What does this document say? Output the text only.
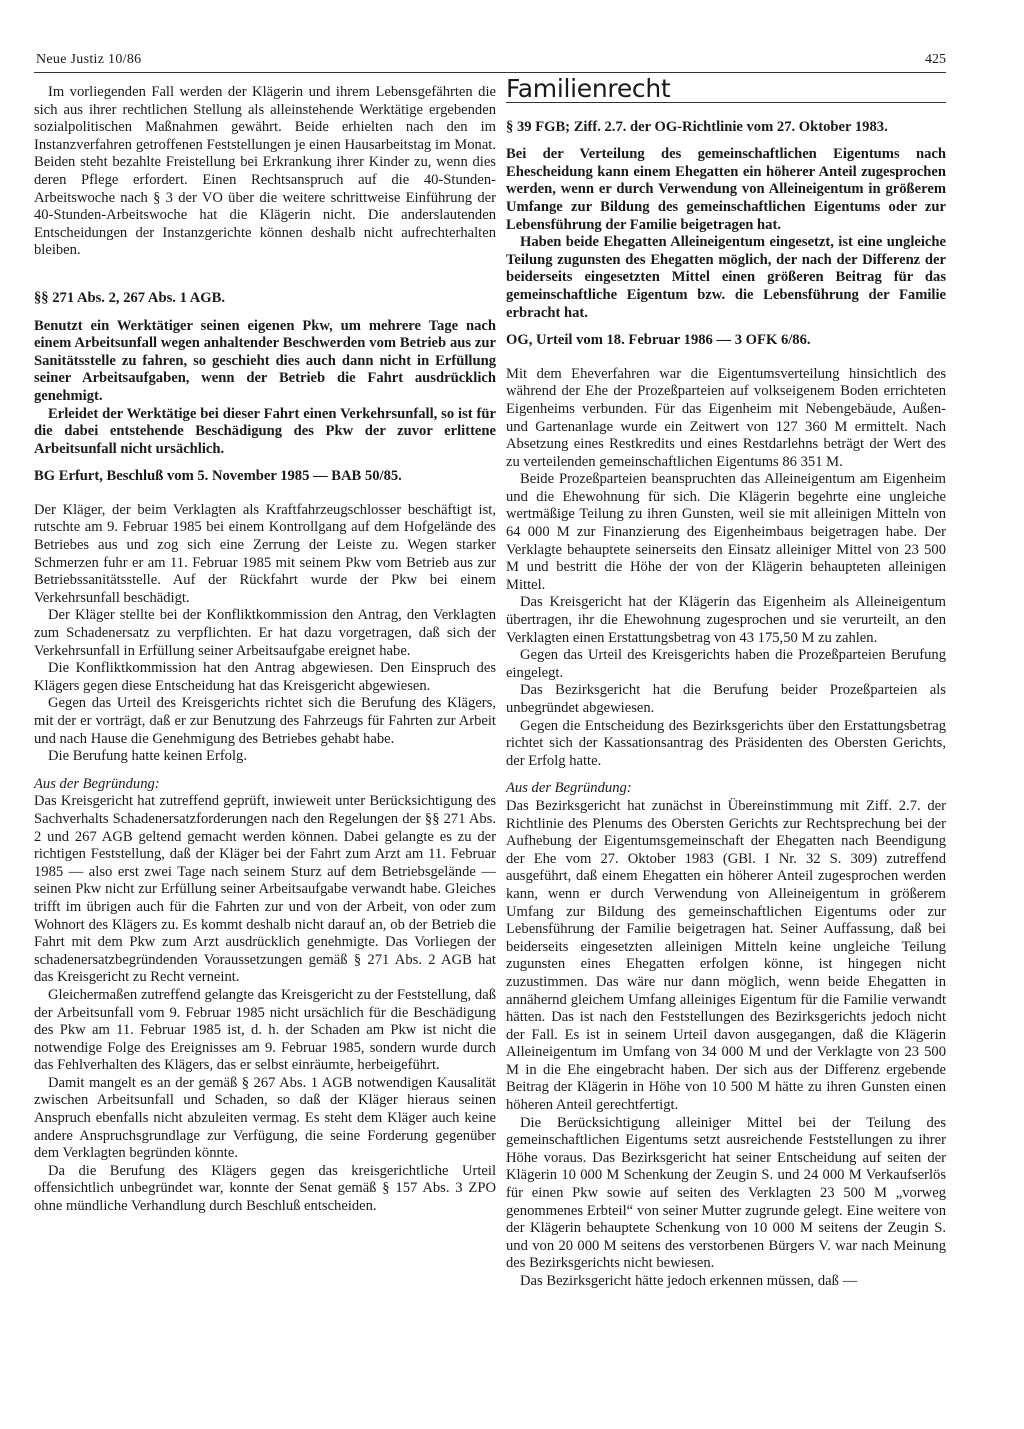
Neue Justiz 10/86	425

Im vorliegenden Fall werden der Klägerin und ihrem Lebensgefährten die sich aus ihrer rechtlichen Stellung als alleinstehende Werktätige ergebenden sozialpolitischen Maßnahmen gewährt. Beide erhielten nach den im Instanzverfahren getroffenen Feststellungen je einen Hausarbeitstag im Monat. Beiden steht bezahlte Freistellung bei Erkrankung ihrer Kinder zu, wenn dies deren Pflege erfordert. Einen Rechtsanspruch auf die 40-Stunden-Arbeitswoche nach § 3 der VO über die weitere schrittweise Einführung der 40-Stunden-Arbeitswoche hat die Klägerin nicht. Die anderslautenden Entscheidungen der Instanzgerichte können deshalb nicht aufrechterhalten bleiben.

§§ 271 Abs. 2, 267 Abs. 1 AGB.

Benutzt ein Werktätiger seinen eigenen Pkw, um mehrere Tage nach einem Arbeitsunfall wegen anhaltender Beschwerden vom Betrieb aus zur Sanitätsstelle zu fahren, so geschieht dies auch dann nicht in Erfüllung seiner Arbeitsaufgaben, wenn der Betrieb die Fahrt ausdrücklich genehmigt.

Erleidet der Werktätige bei dieser Fahrt einen Verkehrsunfall, so ist für die dabei entstehende Beschädigung des Pkw der zuvor erlittene Arbeitsunfall nicht ursächlich.

BG Erfurt, Beschluß vom 5. November 1985 — BAB 50/85.

Der Kläger, der beim Verklagten als Kraftfahrzeugschlosser beschäftigt ist, rutschte am 9. Februar 1985 bei einem Kontrollgang auf dem Hofgelände des Betriebes aus und zog sich eine Zerrung der Leiste zu. Wegen starker Schmerzen fuhr er am 11. Februar 1985 mit seinem Pkw vom Betrieb aus zur Betriebssanitätsstelle. Auf der Rückfahrt wurde der Pkw bei einem Verkehrsunfall beschädigt.

Der Kläger stellte bei der Konfliktkommission den Antrag, den Verklagten zum Schadenersatz zu verpflichten. Er hat dazu vorgetragen, daß sich der Verkehrsunfall in Erfüllung seiner Arbeitsaufgabe ereignet habe.

Die Konfliktkommission hat den Antrag abgewiesen. Den Einspruch des Klägers gegen diese Entscheidung hat das Kreisgericht abgewiesen.

Gegen das Urteil des Kreisgerichts richtet sich die Berufung des Klägers, mit der er vorträgt, daß er zur Benutzung des Fahrzeugs für Fahrten zur Arbeit und nach Hause die Genehmigung des Betriebes gehabt habe.

Die Berufung hatte keinen Erfolg.

Aus der Begründung:

Das Kreisgericht hat zutreffend geprüft, inwieweit unter Berücksichtigung des Sachverhalts Schadenersatzforderungen nach den Regelungen der §§ 271 Abs. 2 und 267 AGB geltend gemacht werden können. Dabei gelangte es zu der richtigen Feststellung, daß der Kläger bei der Fahrt zum Arzt am 11. Februar 1985 — also erst zwei Tage nach seinem Sturz auf dem Betriebsgelände — seinen Pkw nicht zur Erfüllung seiner Arbeitsaufgabe verwandt habe. Gleiches trifft im übrigen auch für die Fahrten zur und von der Arbeit, von oder zum Wohnort des Klägers zu. Es kommt deshalb nicht darauf an, ob der Betrieb die Fahrt mit dem Pkw zum Arzt ausdrücklich genehmigte. Das Vorliegen der schadenersatzbegründenden Voraussetzungen gemäß § 271 Abs. 2 AGB hat das Kreisgericht zu Recht verneint.

Gleichermaßen zutreffend gelangte das Kreisgericht zu der Feststellung, daß der Arbeitsunfall vom 9. Februar 1985 nicht ursächlich für die Beschädigung des Pkw am 11. Februar 1985 ist, d. h. der Schaden am Pkw ist nicht die notwendige Folge des Ereignisses am 9. Februar 1985, sondern wurde durch das Fehlverhalten des Klägers, das er selbst einräumte, herbeigeführt.

Damit mangelt es an der gemäß § 267 Abs. 1 AGB notwendigen Kausalität zwischen Arbeitsunfall und Schaden, so daß der Kläger hieraus seinen Anspruch ebenfalls nicht abzuleiten vermag. Es steht dem Kläger auch keine andere Anspruchsgrundlage zur Verfügung, die seine Forderung gegenüber dem Verklagten begründen könnte.

Da die Berufung des Klägers gegen das kreisgerichtliche Urteil offensichtlich unbegründet war, konnte der Senat gemäß § 157 Abs. 3 ZPO ohne mündliche Verhandlung durch Beschluß entscheiden.

Familienrecht

§ 39 FGB; Ziff. 2.7. der OG-Richtlinie vom 27. Oktober 1983.

Bei der Verteilung des gemeinschaftlichen Eigentums nach Ehescheidung kann einem Ehegatten ein höherer Anteil zugesprochen werden, wenn er durch Verwendung von Alleineigentum in größerem Umfange zur Bildung des gemeinschaftlichen Eigentums oder zur Lebensführung der Familie beigetragen hat.

Haben beide Ehegatten Alleineigentum eingesetzt, ist eine ungleiche Teilung zugunsten des Ehegatten möglich, der nach der Differenz der beiderseits eingesetzten Mittel einen größeren Beitrag für das gemeinschaftliche Eigentum bzw. die Lebensführung der Familie erbracht hat.

OG, Urteil vom 18. Februar 1986 — 3 OFK 6/86.

Mit dem Eheverfahren war die Eigentumsverteilung hinsichtlich des während der Ehe der Prozeßparteien auf volkseigenem Boden errichteten Eigenheims verbunden. Für das Eigenheim mit Nebengebäude, Außen- und Gartenanlage wurde ein Zeitwert von 127 360 M ermittelt. Nach Absetzung eines Restkredits und eines Restdarlehns beträgt der Wert des zu verteilenden gemeinschaftlichen Eigentums 86 351 M.

Beide Prozeßparteien beanspruchten das Alleineigentum am Eigenheim und die Ehewohnung für sich. Die Klägerin begehrte eine ungleiche wertmäßige Teilung zu ihren Gunsten, weil sie mit alleinigen Mitteln von 64 000 M zur Finanzierung des Eigenheimbaus beigetragen habe. Der Verklagte behauptete seinerseits den Einsatz alleiniger Mittel von 23 500 M und bestritt die Höhe der von der Klägerin behaupteten alleinigen Mittel.

Das Kreisgericht hat der Klägerin das Eigenheim als Alleineigentum übertragen, ihr die Ehewohnung zugesprochen und sie verurteilt, an den Verklagten einen Erstattungsbetrag von 43 175,50 M zu zahlen.

Gegen das Urteil des Kreisgerichts haben die Prozeßparteien Berufung eingelegt.

Das Bezirksgericht hat die Berufung beider Prozeßparteien als unbegründet abgewiesen.

Gegen die Entscheidung des Bezirksgerichts über den Erstattungsbetrag richtet sich der Kassationsantrag des Präsidenten des Obersten Gerichts, der Erfolg hatte.

Aus der Begründung:

Das Bezirksgericht hat zunächst in Übereinstimmung mit Ziff. 2.7. der Richtlinie des Plenums des Obersten Gerichts zur Rechtsprechung bei der Aufhebung der Eigentumsgemeinschaft der Ehegatten nach Beendigung der Ehe vom 27. Oktober 1983 (GBl. I Nr. 32 S. 309) zutreffend ausgeführt, daß einem Ehegatten ein höherer Anteil zugesprochen werden kann, wenn er durch Verwendung von Alleineigentum in größerem Umfang zur Bildung des gemeinschaftlichen Eigentums oder zur Lebensführung der Familie beigetragen hat. Seiner Auffassung, daß bei beiderseits eingesetzten alleinigen Mitteln keine ungleiche Teilung zugunsten eines Ehegatten erfolgen könne, ist hingegen nicht zuzustimmen. Das wäre nur dann möglich, wenn beide Ehegatten in annähernd gleichem Umfang alleiniges Eigentum für die Familie verwandt hätten. Das ist nach den Feststellungen des Bezirksgerichts jedoch nicht der Fall. Es ist in seinem Urteil davon ausgegangen, daß die Klägerin Alleineigentum im Umfang von 34 000 M und der Verklagte von 23 500 M in die Ehe eingebracht haben. Der sich aus der Differenz ergebende Beitrag der Klägerin in Höhe von 10 500 M hätte zu ihren Gunsten einen höheren Anteil gerechtfertigt.

Die Berücksichtigung alleiniger Mittel bei der Teilung des gemeinschaftlichen Eigentums setzt ausreichende Feststellungen zu ihrer Höhe voraus. Das Bezirksgericht hat seiner Entscheidung auf seiten der Klägerin 10 000 M Schenkung der Zeugin S. und 24 000 M Verkaufserlös für einen Pkw sowie auf seiten des Verklagten 23 500 M „vorweg genommenes Erbteil“ von seiner Mutter zugrunde gelegt. Eine weitere von der Klägerin behauptete Schenkung von 10 000 M seitens der Zeugin S. und von 20 000 M seitens des verstorbenen Bürgers V. war nach Meinung des Bezirksgerichts nicht bewiesen.

Das Bezirksgericht hätte jedoch erkennen müssen, daß —
